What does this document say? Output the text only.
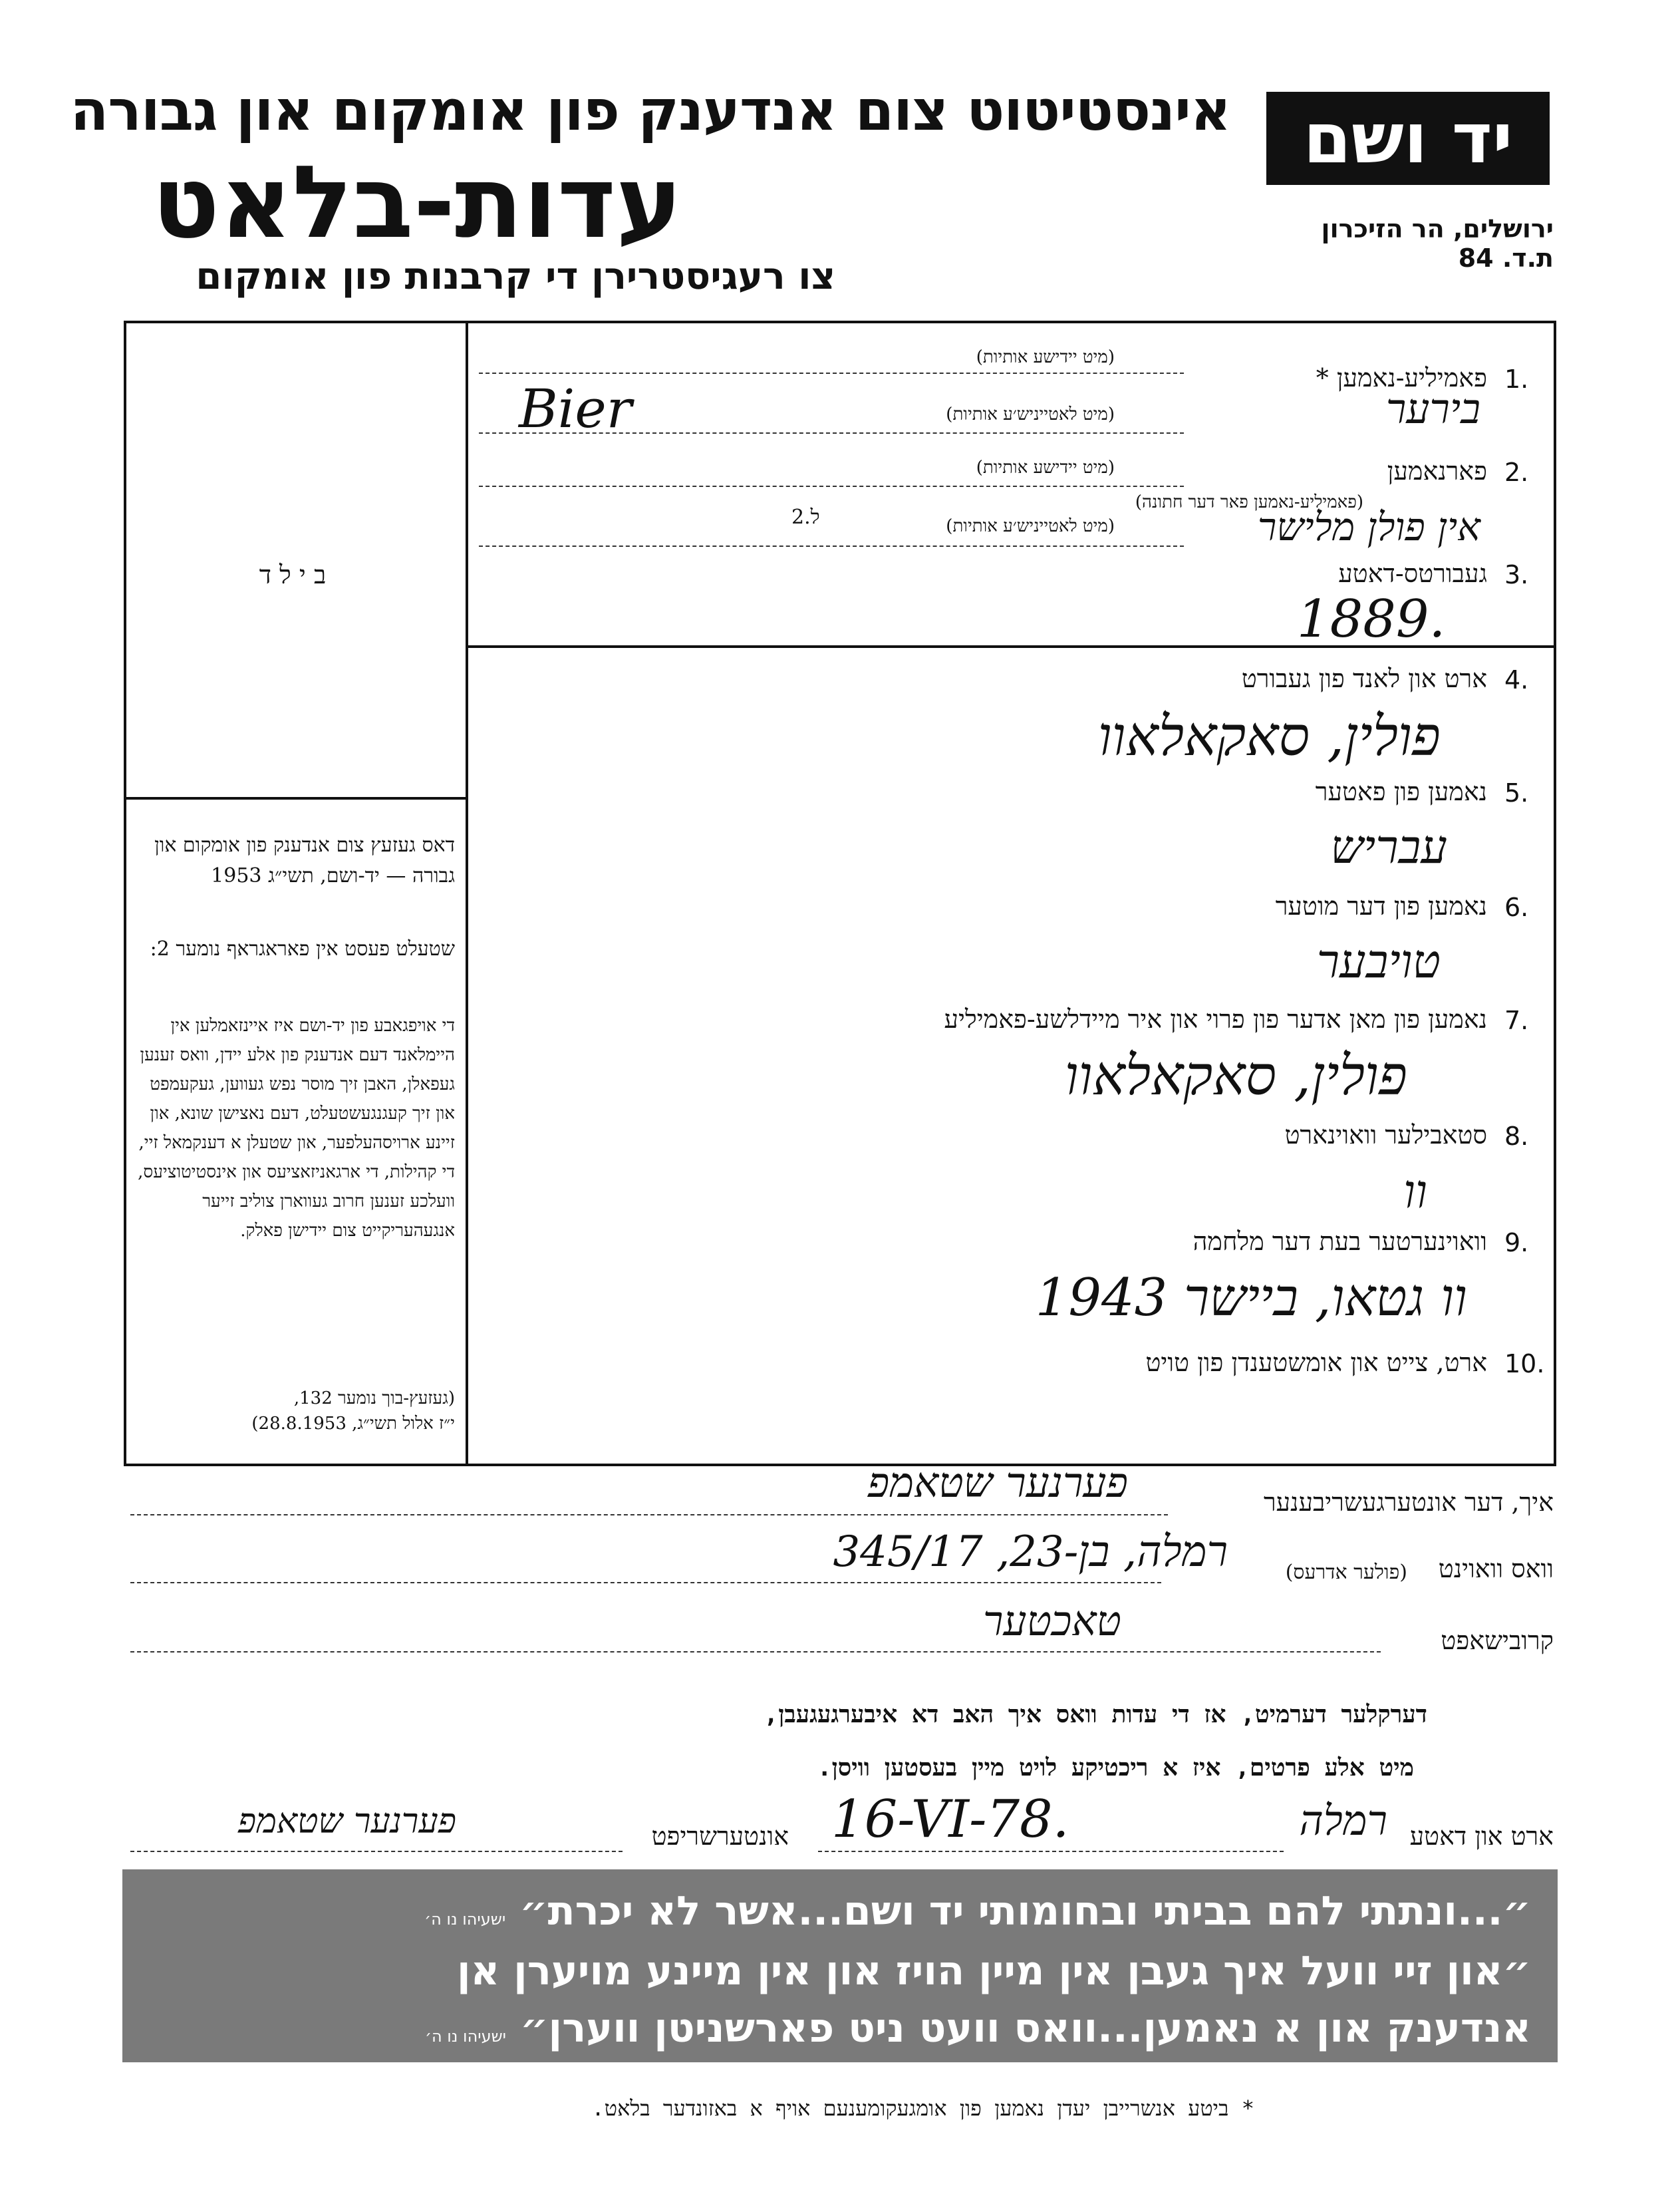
יד ושם
אינסטיטוט צום אנדענק פון אומקום און גבורה
עדות-בלאט
צו רעגיסטרירן די קרבנות פון אומקום
ירושלים, הר הזיכרון
ת.ד. 84
ב י ל ד
דאס געזעץ צום אנדענק פון אומקום און גבורה — יד-ושם, תשי״ג 1953
שטעלט פעסט אין פאראגראף נומער 2:
די אויפגאבע פון יד-ושם איז איינזאמלען אין היימלאנד דעם אנדענק פון אלע יידן, וואס זענען געפאלן, האבן זיך מוסר נפש געווען, געקעמפט און זיך קעגנגעשטעלט, דעם נאצישן שונא, און זיינע ארויסהעלפער, און שטעלן א דענקמאל זיי, די קהילות, די ארגאניזאציעס און אינסטיטוציעס, וועלכע זענען חרוב געווארן צוליב זייער אנגעהעריקייט צום יידישן פאלק.
(געזעץ-בוך נומער 132,
י״ז אלול תשי״ג, 28.8.1953)
1.
פאמיליע-נאמען *
(מיט יידישע אותיות)
בירער
(מיט לאטייניש׳ע אותיות)
Bier
2.
פארנאמען
(מיט יידישע אותיות)
(פאמיליע-נאמען פאר דער חתונה)
2.ל	אין פולן מלישר
(מיט לאטייניש׳ע אותיות)
3.
געבורטס-דאטע
1889.
4.
ארט און לאנד פון געבורט
פולין, סאקאלאוו
5.
נאמען פון פאטער
עבריש
6.
נאמען פון דער מוטער
טויבער
7.
נאמען פון מאן אדער פון פרוי און איר מיידלשע-פאמיליע
פולין, סאקאלאוו
8.
סטאבילער וואוינארט
וו
9.
וואוינערטער בעת דער מלחמה
וו גטאו, ביישר 1943
10.
ארט, צייט און אומשטענדן פון טויט
איך, דער אונטערגעשריבענער
פערנער שטאמפ
וואס וואוינט
(פולער אדרעס)
רמלה, בן-23, 345/17
קרובישאפט
טאכטער
דערקלער דערמיט, אז די עדות וואס איך האב דא איבערגעגעבן,
מיט אלע פרטים, איז א ריכטיקע לויט מיין בעסטען וויסן.
ארט און דאטע
רמלה
16-VI-78.
אונטערשריפט
פערנער שטאמפ
״...ונתתי להם בביתי ובחומותי יד ושם...אשר לא יכרת״ ישעיהו נו ה׳
״און זיי וועל איך געבן אין מיין הויז און אין מיינע מויערן אן
אנדענק און א נאמען...וואס וועט ניט פארשניטן ווערן״ ישעיהו נו ה׳
* ביטע אנשרייבן יעדן נאמען פון אומגעקומענעם אויף א באזונדער בלאט.
